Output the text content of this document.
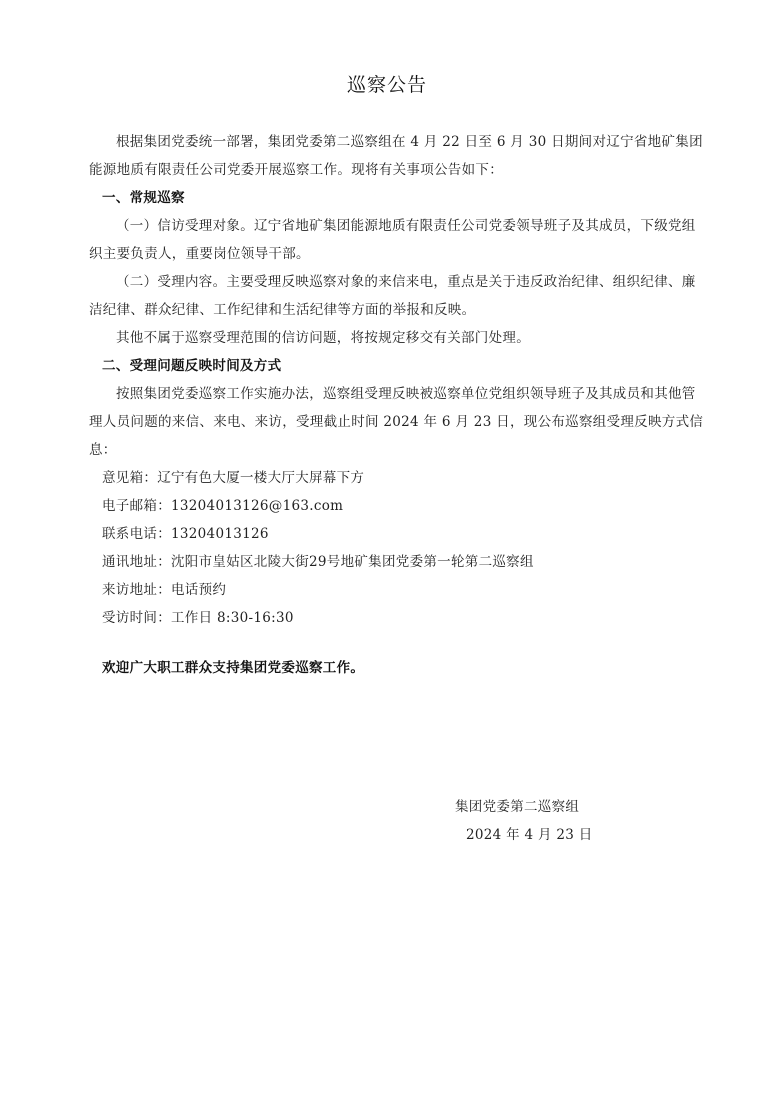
巡察公告

根据集团党委统一部署，集团党委第二巡察组在 4 月 22 日至 6 月 30 日期间对辽宁省地矿集团能源地质有限责任公司党委开展巡察工作。现将有关事项公告如下：

一、常规巡察

（一）信访受理对象。辽宁省地矿集团能源地质有限责任公司党委领导班子及其成员，下级党组织主要负责人，重要岗位领导干部。

（二）受理内容。主要受理反映巡察对象的来信来电，重点是关于违反政治纪律、组织纪律、廉洁纪律、群众纪律、工作纪律和生活纪律等方面的举报和反映。

其他不属于巡察受理范围的信访问题，将按规定移交有关部门处理。

二、受理问题反映时间及方式

按照集团党委巡察工作实施办法，巡察组受理反映被巡察单位党组织领导班子及其成员和其他管理人员问题的来信、来电、来访，受理截止时间 2024 年 6 月 23 日，现公布巡察组受理反映方式信息：

意见箱：辽宁有色大厦一楼大厅大屏幕下方

电子邮箱：13204013126@163.com

联系电话：13204013126

通讯地址：沈阳市皇姑区北陵大街29号地矿集团党委第一轮第二巡察组

来访地址：电话预约

受访时间：工作日 8:30-16:30

欢迎广大职工群众支持集团党委巡察工作。
集团党委第二巡察组
2024 年 4 月 23 日
